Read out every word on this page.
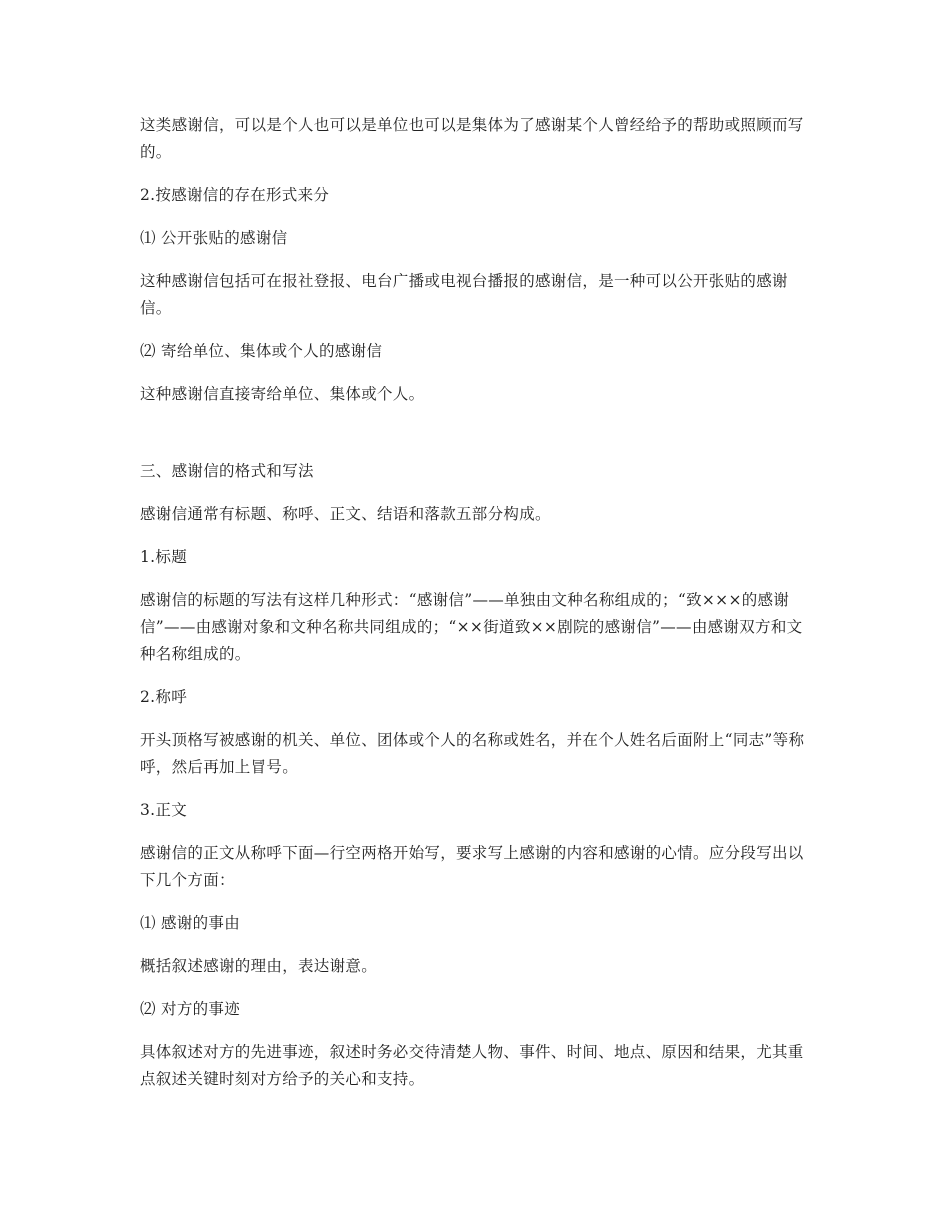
这类感谢信，可以是个人也可以是单位也可以是集体为了感谢某个人曾经给予的帮助或照顾而写的。

2.按感谢信的存在形式来分

⑴ 公开张贴的感谢信

这种感谢信包括可在报社登报、电台广播或电视台播报的感谢信，是一种可以公开张贴的感谢信。

⑵ 寄给单位、集体或个人的感谢信

这种感谢信直接寄给单位、集体或个人。

三、感谢信的格式和写法

感谢信通常有标题、称呼、正文、结语和落款五部分构成。

1.标题

感谢信的标题的写法有这样几种形式：“感谢信”——单独由文种名称组成的；“致×××的感谢信”——由感谢对象和文种名称共同组成的；“××街道致××剧院的感谢信”——由感谢双方和文种名称组成的。

2.称呼

开头顶格写被感谢的机关、单位、团体或个人的名称或姓名，并在个人姓名后面附上“同志”等称呼，然后再加上冒号。

3.正文

感谢信的正文从称呼下面—行空两格开始写，要求写上感谢的内容和感谢的心情。应分段写出以下几个方面：

⑴ 感谢的事由

概括叙述感谢的理由，表达谢意。

⑵ 对方的事迹

具体叙述对方的先进事迹，叙述时务必交待清楚人物、事件、时间、地点、原因和结果，尤其重点叙述关键时刻对方给予的关心和支持。
